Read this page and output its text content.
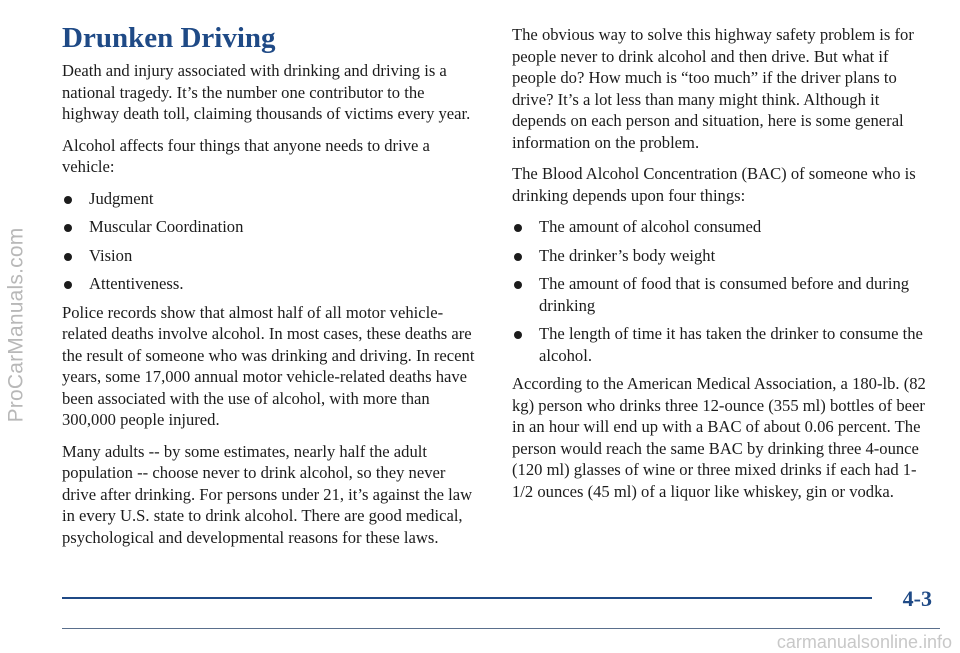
ProCarManuals.com
Drunken Driving

Death and injury associated with drinking and driving is a national tragedy. It’s the number one contributor to the highway death toll, claiming thousands of victims every year.

Alcohol affects four things that anyone needs to drive a vehicle:

Judgment
Muscular Coordination
Vision
Attentiveness.

Police records show that almost half of all motor vehicle-related deaths involve alcohol. In most cases, these deaths are the result of someone who was drinking and driving. In recent years, some 17,000 annual motor vehicle-related deaths have been associated with the use of alcohol, with more than 300,000 people injured.

Many adults -- by some estimates, nearly half the adult population -- choose never to drink alcohol, so they never drive after drinking. For persons under 21, it’s against the law in every U.S. state to drink alcohol. There are good medical, psychological and developmental reasons for these laws.

The obvious way to solve this highway safety problem is for people never to drink alcohol and then drive. But what if people do? How much is “too much” if the driver plans to drive? It’s a lot less than many might think. Although it depends on each person and situation, here is some general information on the problem.

The Blood Alcohol Concentration (BAC) of someone who is drinking depends upon four things:

The amount of alcohol consumed
The drinker’s body weight
The amount of food that is consumed before and during drinking
The length of time it has taken the drinker to consume the alcohol.

According to the American Medical Association, a 180-lb. (82 kg) person who drinks three 12-ounce (355 ml) bottles of beer in an hour will end up with a BAC of about 0.06 percent. The person would reach the same BAC by drinking three 4-ounce (120 ml) glasses of wine or three mixed drinks if each had 1-1/2 ounces (45 ml) of a liquor like whiskey, gin or vodka.

4-3
carmanualsonline.info
